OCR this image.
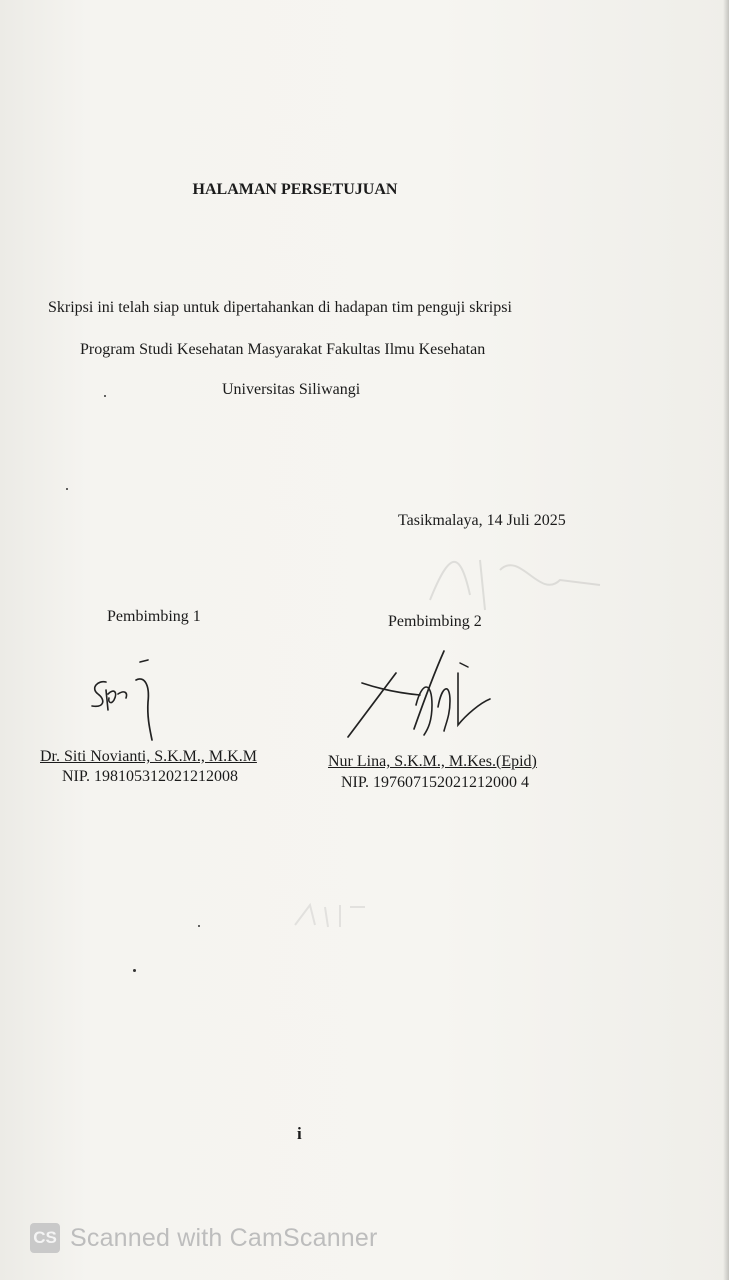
HALAMAN PERSETUJUAN
Skripsi ini telah siap untuk dipertahankan di hadapan tim penguji skripsi
Program Studi Kesehatan Masyarakat Fakultas Ilmu Kesehatan
Universitas Siliwangi
Tasikmalaya, 14 Juli 2025
Pembimbing 1	Pembimbing 2
Dr. Siti Novianti, S.K.M., M.K.M
NIP. 198105312021212008
Nur Lina, S.K.M., M.Kes.(Epid)
NIP. 197607152021212000 4
i
CS Scanned with CamScanner
